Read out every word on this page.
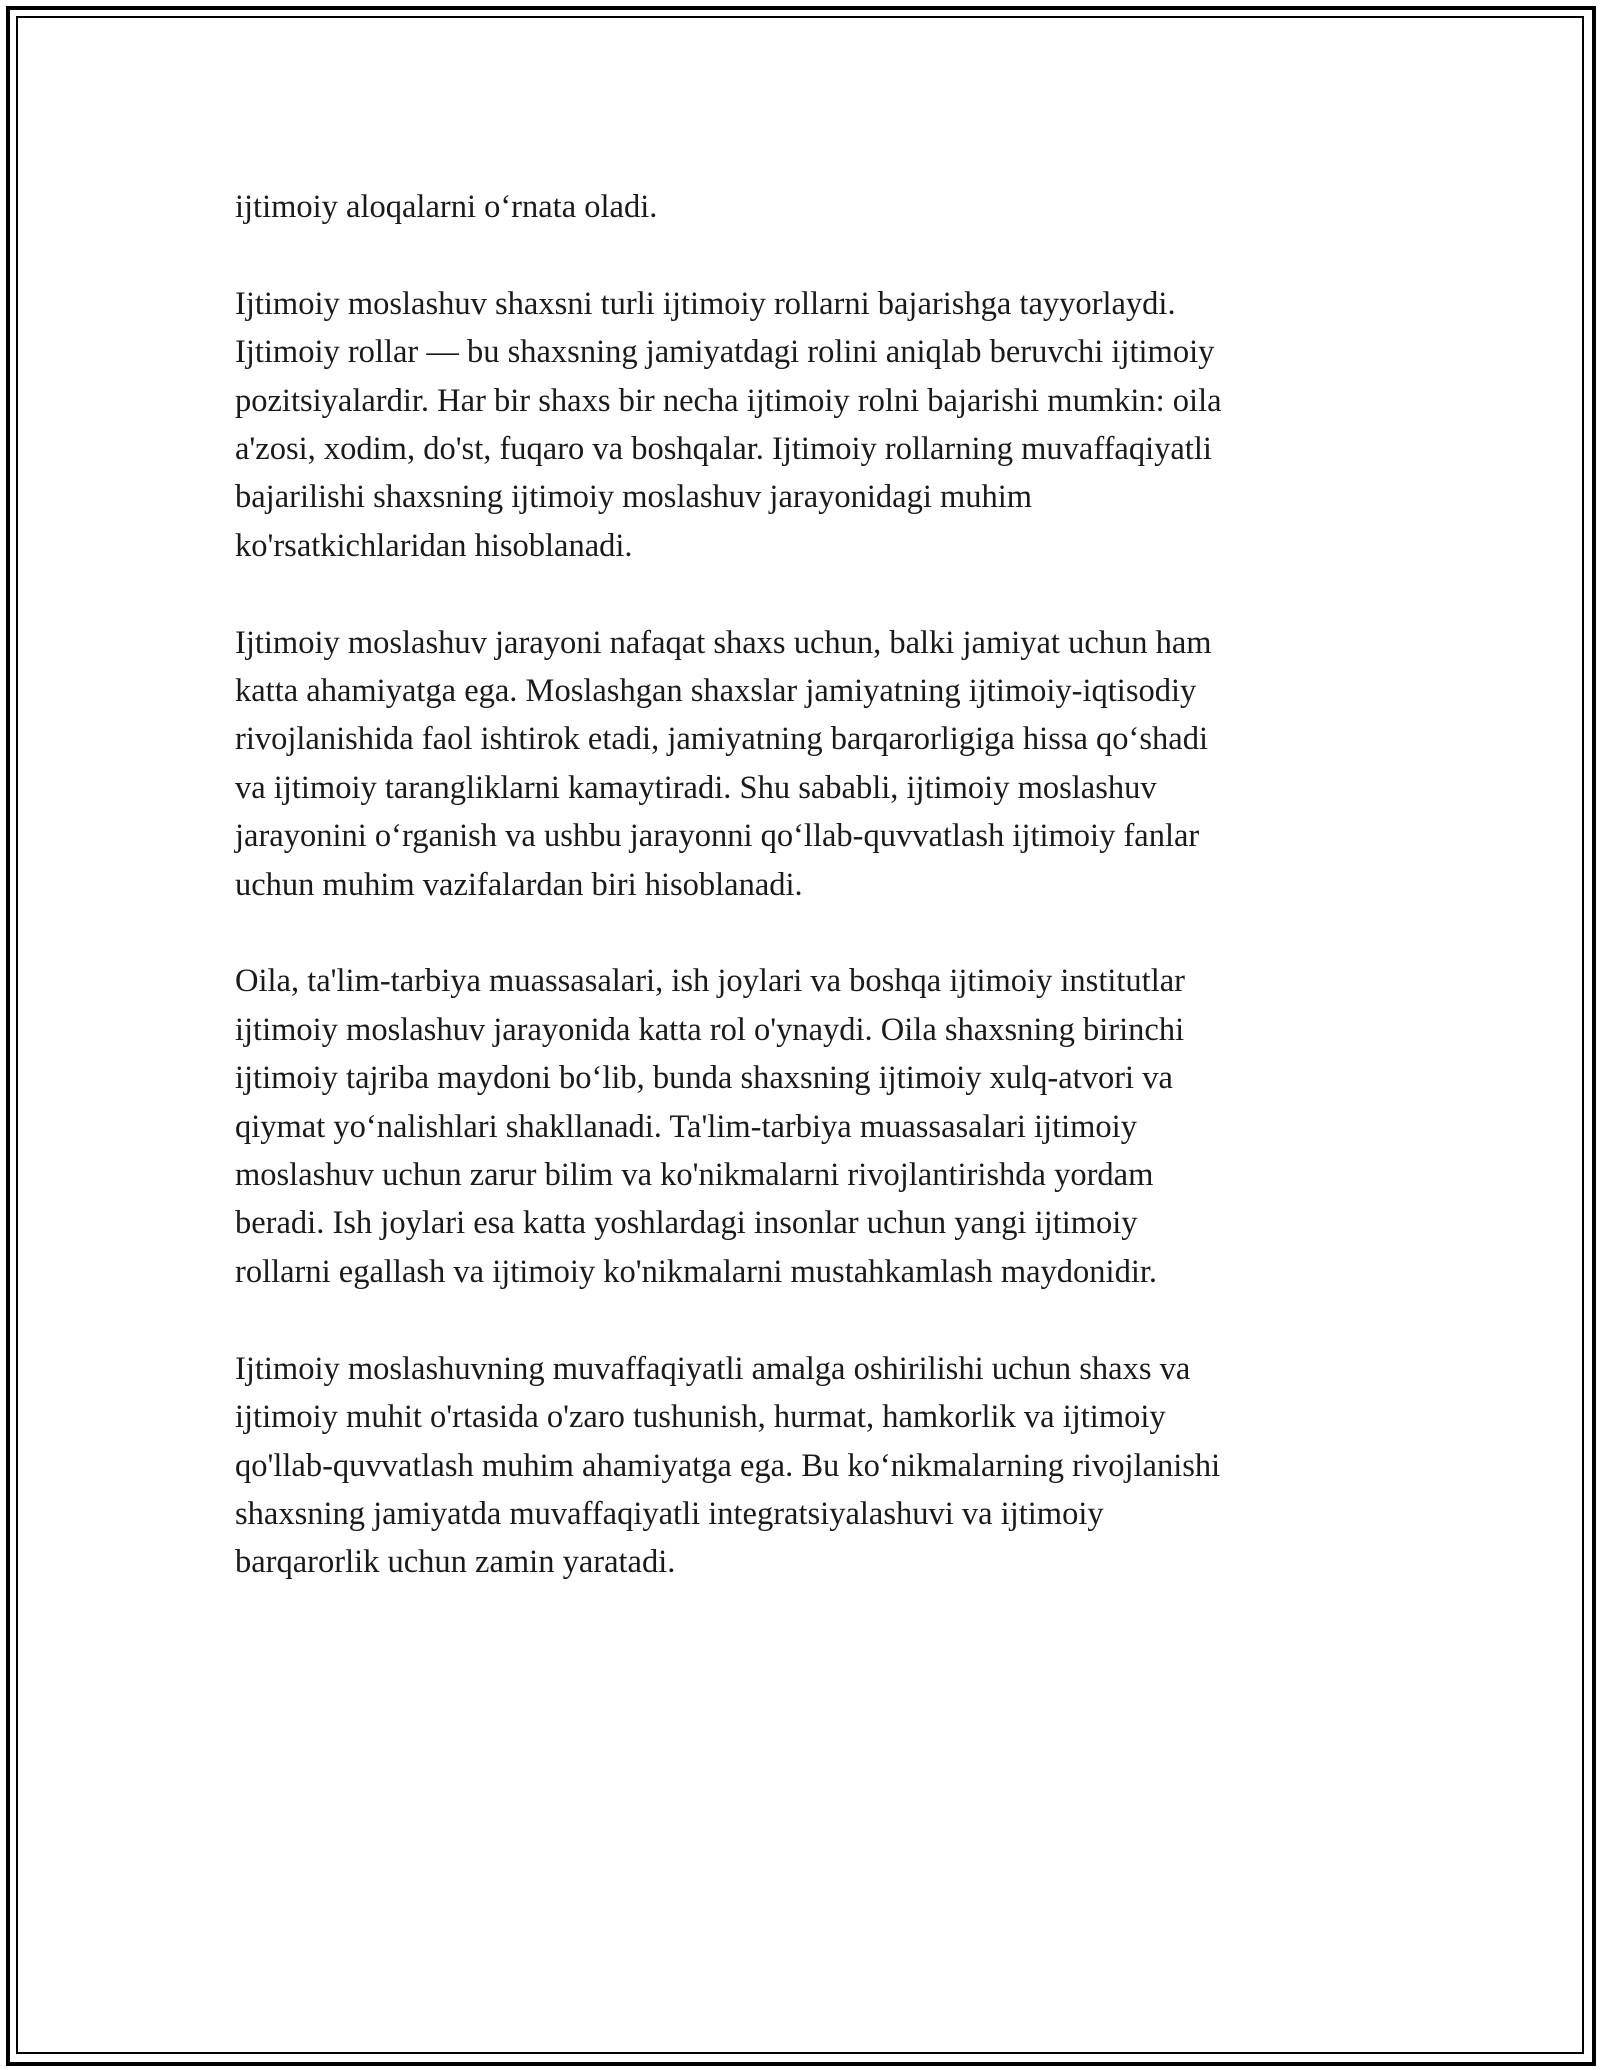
ijtimoiy aloqalarni o‘rnata oladi.

Ijtimoiy moslashuv shaxsni turli ijtimoiy rollarni bajarishga tayyorlaydi.
Ijtimoiy rollar — bu shaxsning jamiyatdagi rolini aniqlab beruvchi ijtimoiy
pozitsiyalardir. Har bir shaxs bir necha ijtimoiy rolni bajarishi mumkin: oila
a'zosi, xodim, do'st, fuqaro va boshqalar. Ijtimoiy rollarning muvaffaqiyatli
bajarilishi shaxsning ijtimoiy moslashuv jarayonidagi muhim
ko'rsatkichlaridan hisoblanadi.

Ijtimoiy moslashuv jarayoni nafaqat shaxs uchun, balki jamiyat uchun ham
katta ahamiyatga ega. Moslashgan shaxslar jamiyatning ijtimoiy-iqtisodiy
rivojlanishida faol ishtirok etadi, jamiyatning barqarorligiga hissa qo‘shadi
va ijtimoiy tarangliklarni kamaytiradi. Shu sababli, ijtimoiy moslashuv
jarayonini o‘rganish va ushbu jarayonni qo‘llab-quvvatlash ijtimoiy fanlar
uchun muhim vazifalardan biri hisoblanadi.

Oila, ta'lim-tarbiya muassasalari, ish joylari va boshqa ijtimoiy institutlar
ijtimoiy moslashuv jarayonida katta rol o'ynaydi. Oila shaxsning birinchi
ijtimoiy tajriba maydoni bo‘lib, bunda shaxsning ijtimoiy xulq-atvori va
qiymat yo‘nalishlari shakllanadi. Ta'lim-tarbiya muassasalari ijtimoiy
moslashuv uchun zarur bilim va ko'nikmalarni rivojlantirishda yordam
beradi. Ish joylari esa katta yoshlardagi insonlar uchun yangi ijtimoiy
rollarni egallash va ijtimoiy ko'nikmalarni mustahkamlash maydonidir.

Ijtimoiy moslashuvning muvaffaqiyatli amalga oshirilishi uchun shaxs va
ijtimoiy muhit o'rtasida o'zaro tushunish, hurmat, hamkorlik va ijtimoiy
qo'llab-quvvatlash muhim ahamiyatga ega. Bu ko‘nikmalarning rivojlanishi
shaxsning jamiyatda muvaffaqiyatli integratsiyalashuvi va ijtimoiy
barqarorlik uchun zamin yaratadi.
